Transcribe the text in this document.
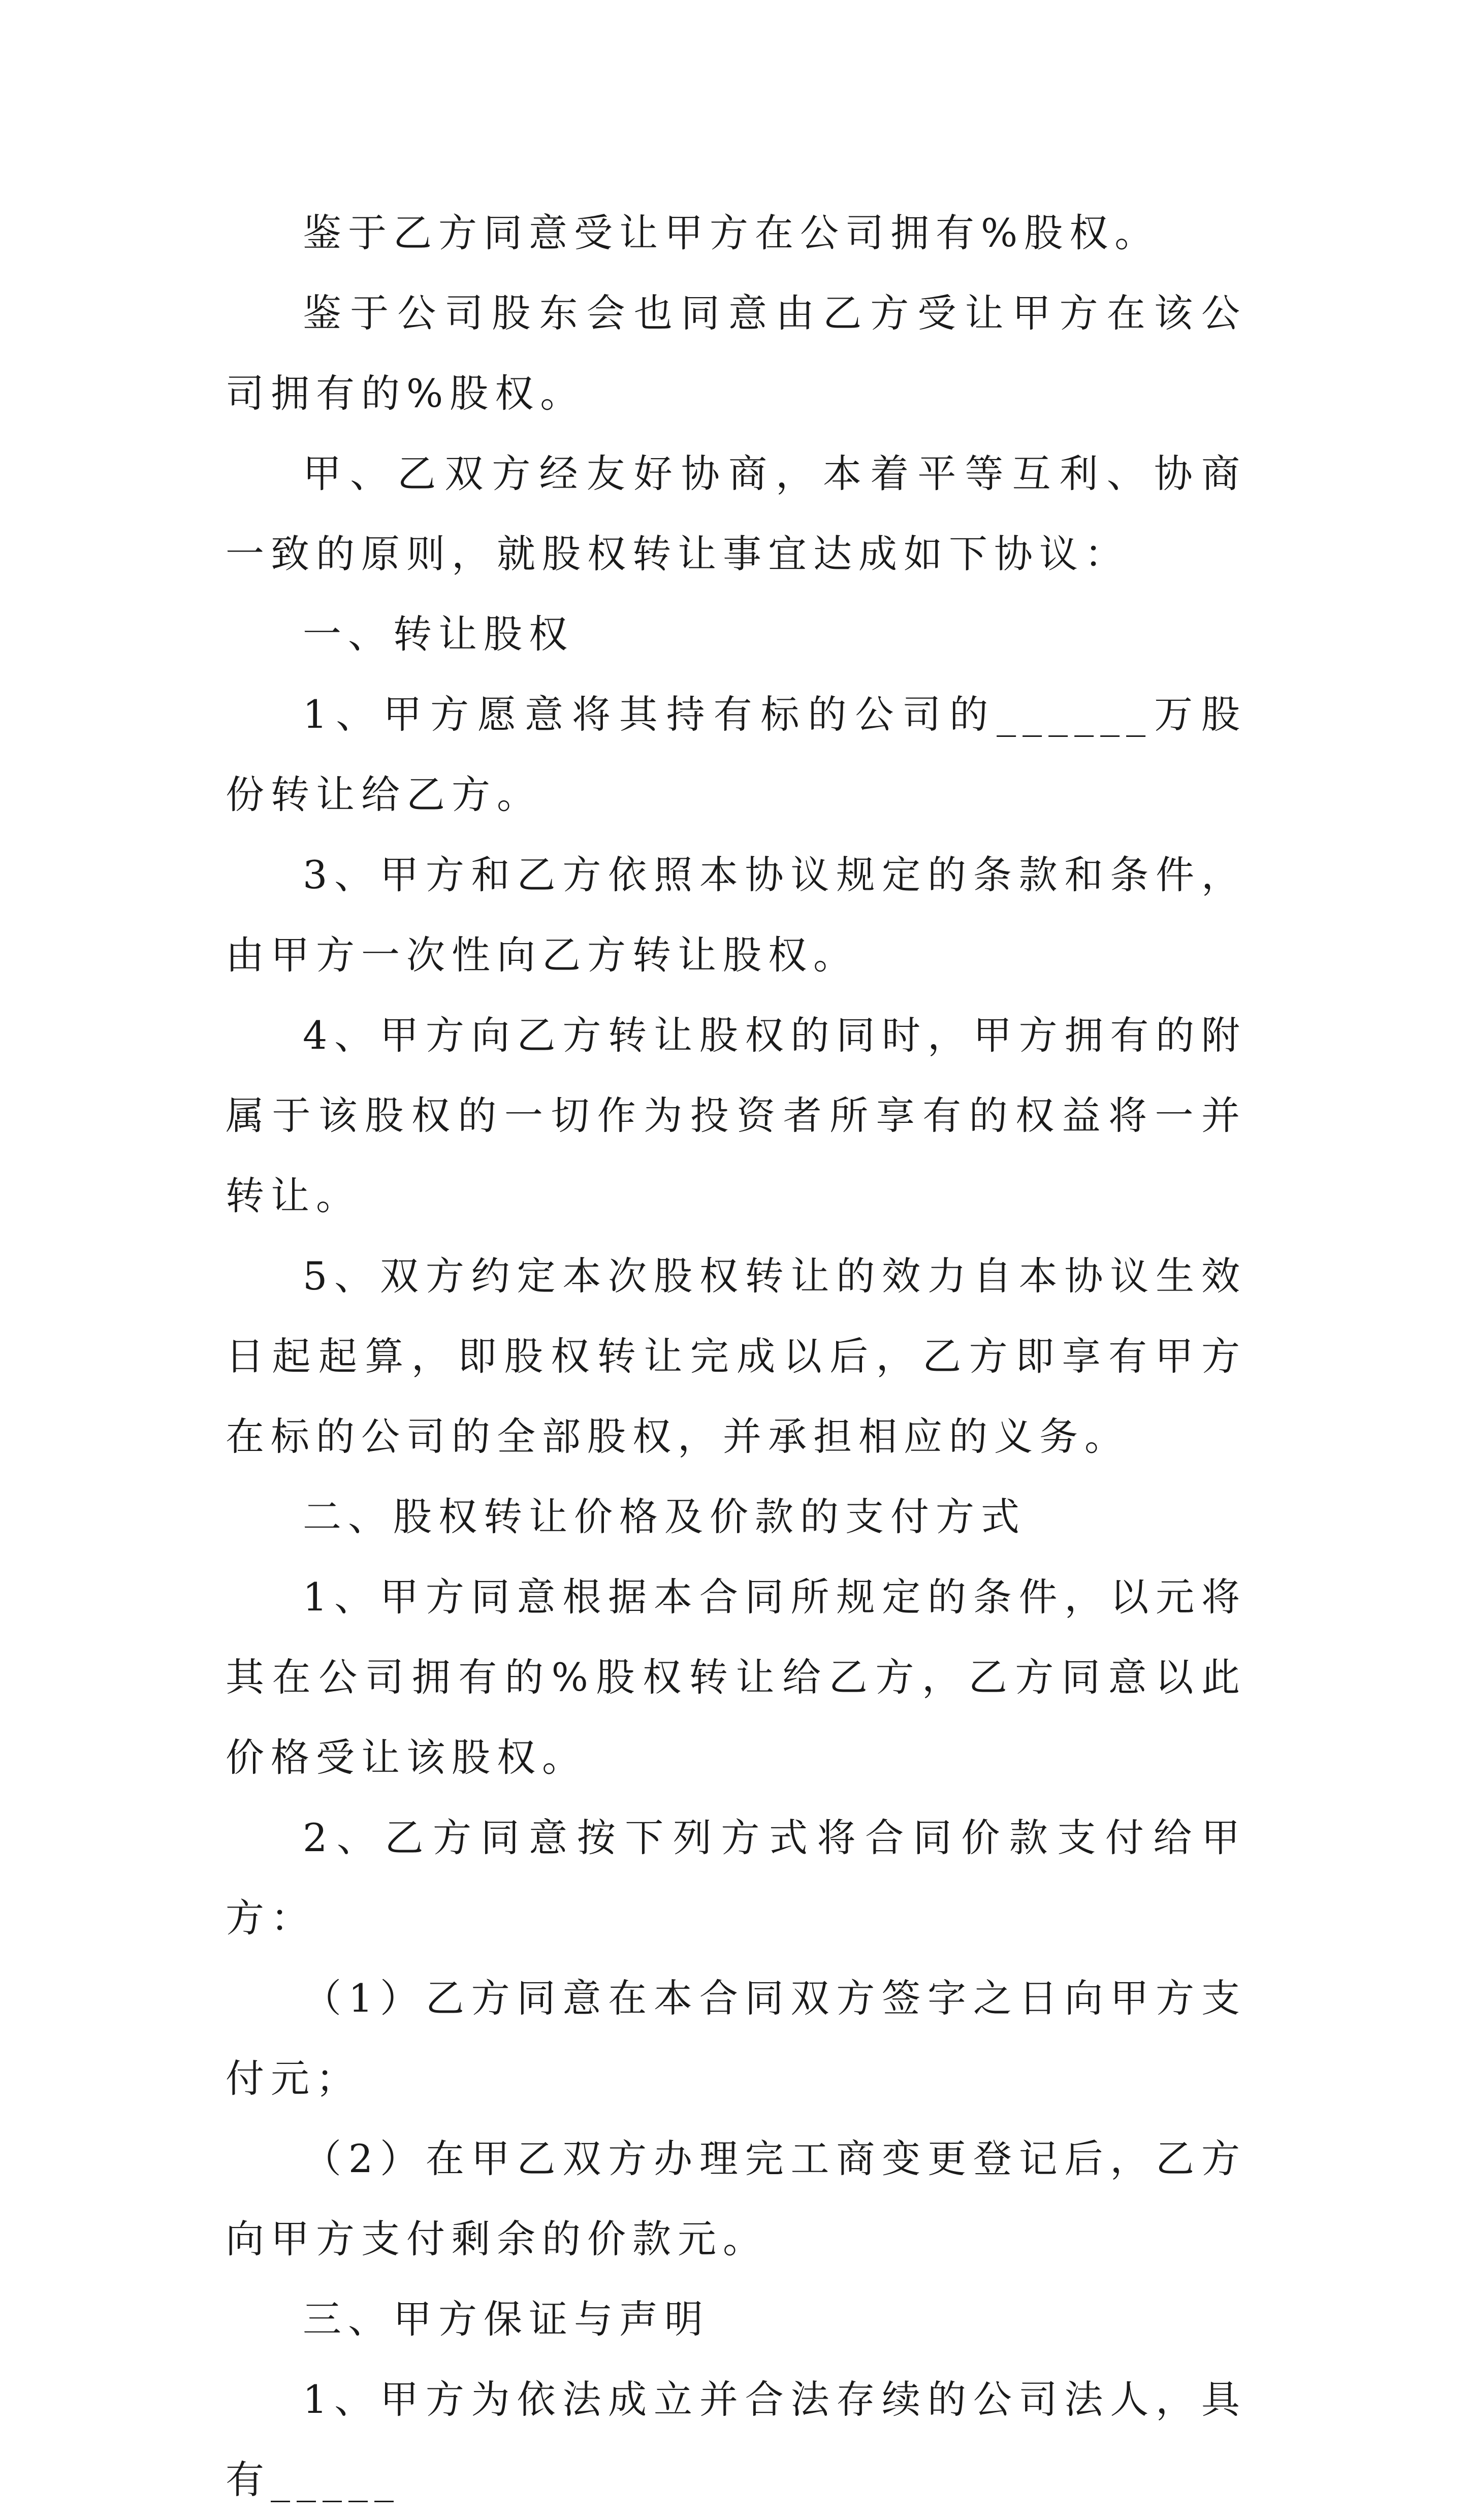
鉴于乙方同意受让甲方在公司拥有%股权。

鉴于公司股东会也同意由乙方受让甲方在该公司拥有的%股权。

甲、乙双方经友好协商，本着平等互利、协商一致的原则，就股权转让事宜达成如下协议：

一、转让股权

1、甲方愿意将其持有标的公司的______万股份转让给乙方。

3、甲方和乙方依照本协议规定的条款和条件，由甲方一次性向乙方转让股权。

4、甲方向乙方转让股权的同时，甲方拥有的附属于该股权的一切作为投资者所享有的权益将一并转让。

5、双方约定本次股权转让的效力自本协议生效日起起算，即股权转让完成以后，乙方即享有甲方在标的公司的全部股权，并承担相应的义务。

二、股权转让价格及价款的支付方式

1、甲方同意根据本合同所规定的条件，以元将其在公司拥有的%股权转让给乙方，乙方同意以此价格受让该股权。

2、乙方同意按下列方式将合同价款支付给甲方：

（1）乙方同意在本合同双方签字之日向甲方支付元；

（2）在甲乙双方办理完工商变更登记后，乙方向甲方支付剩余的价款元。

三、甲方保证与声明

1、甲方为依法成立并合法存续的公司法人，具有_____
